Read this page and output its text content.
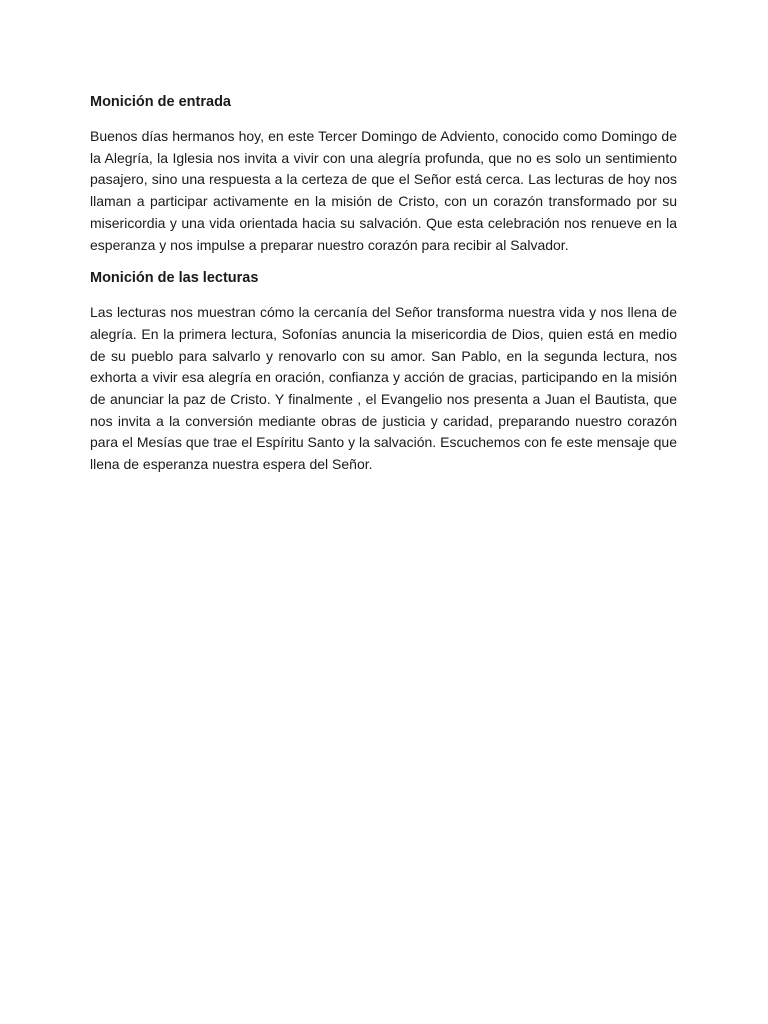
Monición de entrada

Buenos días hermanos hoy, en este Tercer Domingo de Adviento, conocido como Domingo de la Alegría, la Iglesia nos invita a vivir con una alegría profunda, que no es solo un sentimiento pasajero, sino una respuesta a la certeza de que el Señor está cerca. Las lecturas de hoy nos llaman a participar activamente en la misión de Cristo, con un corazón transformado por su misericordia y una vida orientada hacia su salvación. Que esta celebración nos renueve en la esperanza y nos impulse a preparar nuestro corazón para recibir al Salvador.

Monición de las lecturas

Las lecturas nos muestran cómo la cercanía del Señor transforma nuestra vida y nos llena de alegría. En la primera lectura, Sofonías anuncia la misericordia de Dios, quien está en medio de su pueblo para salvarlo y renovarlo con su amor. San Pablo, en la segunda lectura, nos exhorta a vivir esa alegría en oración, confianza y acción de gracias, participando en la misión de anunciar la paz de Cristo. Y finalmente , el Evangelio nos presenta a Juan el Bautista, que nos invita a la conversión mediante obras de justicia y caridad, preparando nuestro corazón para el Mesías que trae el Espíritu Santo y la salvación. Escuchemos con fe este mensaje que llena de esperanza nuestra espera del Señor.
